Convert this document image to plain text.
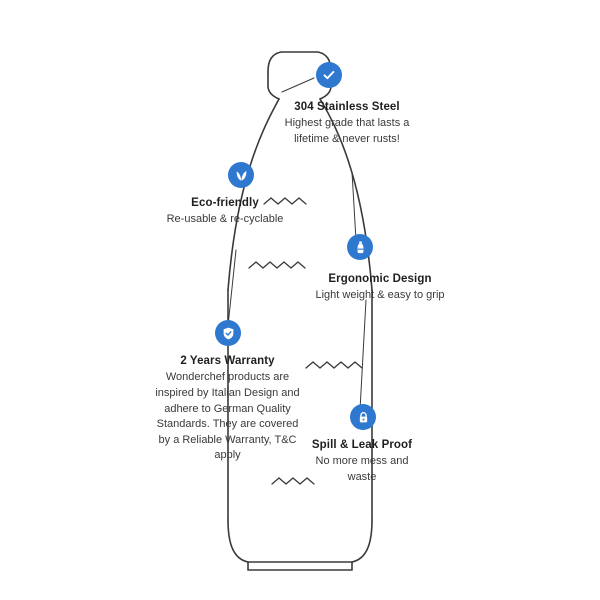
304 Stainless Steel

Highest grade that lasts a lifetime & never rusts!

Eco-friendly

Re-usable & re-cyclable

Ergonomic Design

Light weight & easy to grip

2 Years Warranty

Wonderchef products are inspired by Italian Design and adhere to German Quality Standards. They are covered by a Reliable Warranty, T&C apply

Spill & Leak Proof

No more mess and waste
